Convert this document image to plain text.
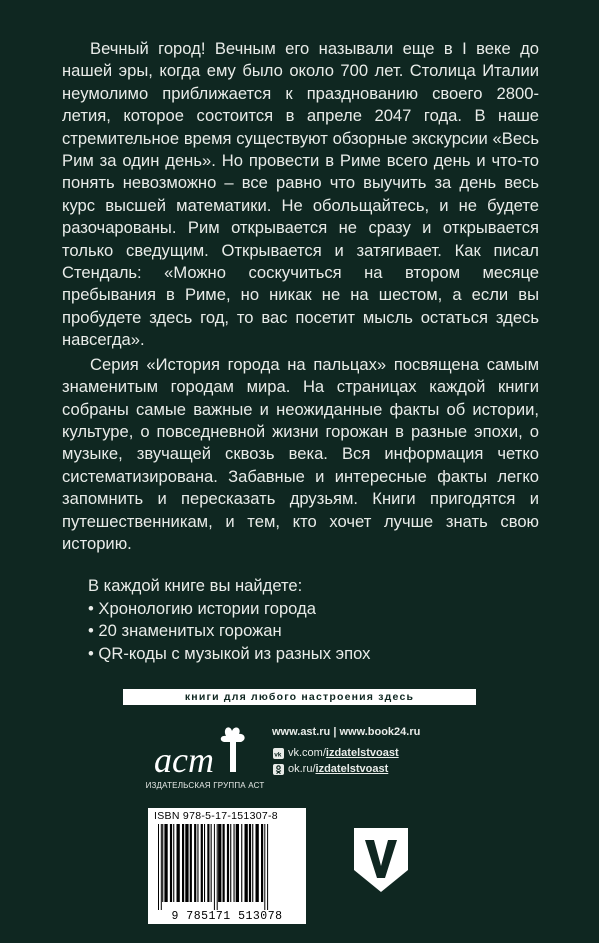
Вечный город! Вечным его называли еще в I веке до нашей эры, когда ему было около 700 лет. Столица Италии неумолимо приближается к празднованию своего 2800-летия, которое состоится в апреле 2047 года. В наше стремительное время существуют обзорные экскурсии «Весь Рим за один день». Но провести в Риме всего день и что-то понять невозможно – все равно что выучить за день весь курс высшей математики. Не обольщайтесь, и не будете разочарованы. Рим открывается не сразу и открывается только сведущим. Открывается и затягивает. Как писал Стендаль: «Можно соскучиться на втором месяце пребывания в Риме, но никак не на шестом, а если вы пробудете здесь год, то вас посетит мысль остаться здесь навсегда».

Серия «История города на пальцах» посвящена самым знаменитым городам мира. На страницах каждой книги собраны самые важные и неожиданные факты об истории, культуре, о повседневной жизни горожан в разные эпохи, о музыке, звучащей сквозь века. Вся информация четко систематизирована. Забавные и интересные факты легко запомнить и пересказать друзьям. Книги пригодятся и путешественникам, и тем, кто хочет лучше знать свою историю.

В каждой книге вы найдете:
• Хронологию истории города
• 20 знаменитых горожан
• QR-коды с музыкой из разных эпох
книги для любого настроения здесь
аст
ИЗДАТЕЛЬСКАЯ ГРУППА АСТ
www.ast.ru | www.book24.ru
vk vk.com/ izdatelstvoast
ok.ru/ izdatelstvoast
ISBN 978-5-17-151307-8
9 785171 513078
